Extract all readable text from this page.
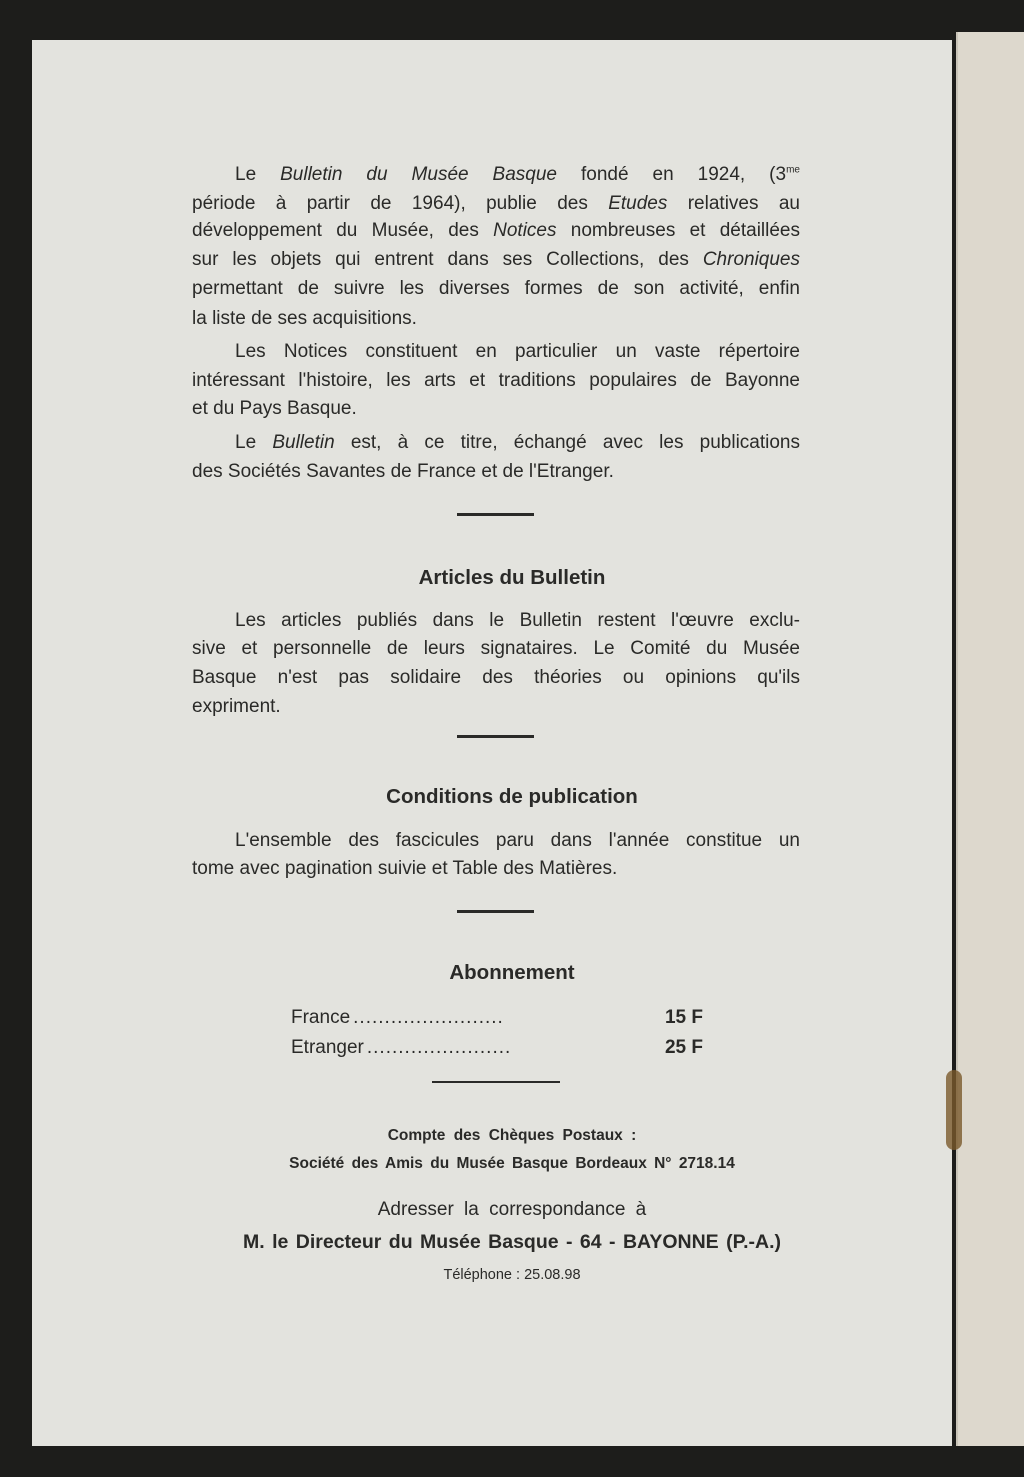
Le Bulletin du Musée Basque fondé en 1924, ($3^{me}$
période à partir de 1964), publie des Etudes relatives au
développement du Musée, des Notices nombreuses et détaillées
sur les objets qui entrent dans ses Collections, des Chroniques
permettant de suivre les diverses formes de son activité, enfin
la liste de ses acquisitions.
Les Notices constituent en particulier un vaste répertoire
intéressant l'histoire, les arts et traditions populaires de Bayonne
et du Pays Basque.
Le Bulletin est, à ce titre, échangé avec les publications
des Sociétés Savantes de France et de l'Etranger.
Les articles publiés dans le Bulletin restent l'œuvre exclu-
sive et personnelle de leurs signataires. Le Comité du Musée
Basque n'est pas solidaire des théories ou opinions qu'ils
expriment.
L'ensemble des fascicules paru dans l'année constitue un
tome avec pagination suivie et Table des Matières.
Articles du Bulletin
Conditions de publication
Abonnement
France ........................	15 F
Etranger .......................	25 F
Compte des Chèques Postaux :
Société des Amis du Musée Basque Bordeaux N° 2718.14
Adresser la correspondance à
M. le Directeur du Musée Basque - 64 - BAYONNE (P.-A.)
Téléphone : 25.08.98
